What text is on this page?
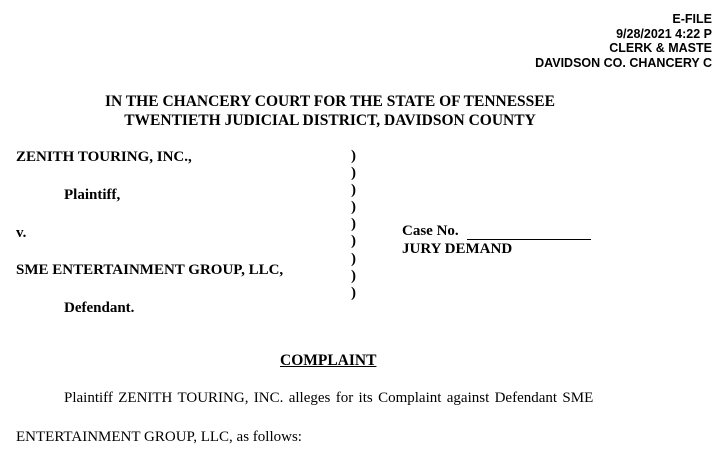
E-FILE
9/28/2021 4:22 P
CLERK & MASTE
DAVIDSON CO. CHANCERY C
IN THE CHANCERY COURT FOR THE STATE OF TENNESSEE
TWENTIETH JUDICIAL DISTRICT, DAVIDSON COUNTY
ZENITH TOURING, INC.,
Plaintiff,
v.
SME ENTERTAINMENT GROUP, LLC,
Defendant.
)
)
)
)
)
)
)
)
)
Case No.
JURY DEMAND
COMPLAINT
Plaintiff ZENITH TOURING, INC. alleges for its Complaint against Defendant SME
ENTERTAINMENT GROUP, LLC, as follows:
